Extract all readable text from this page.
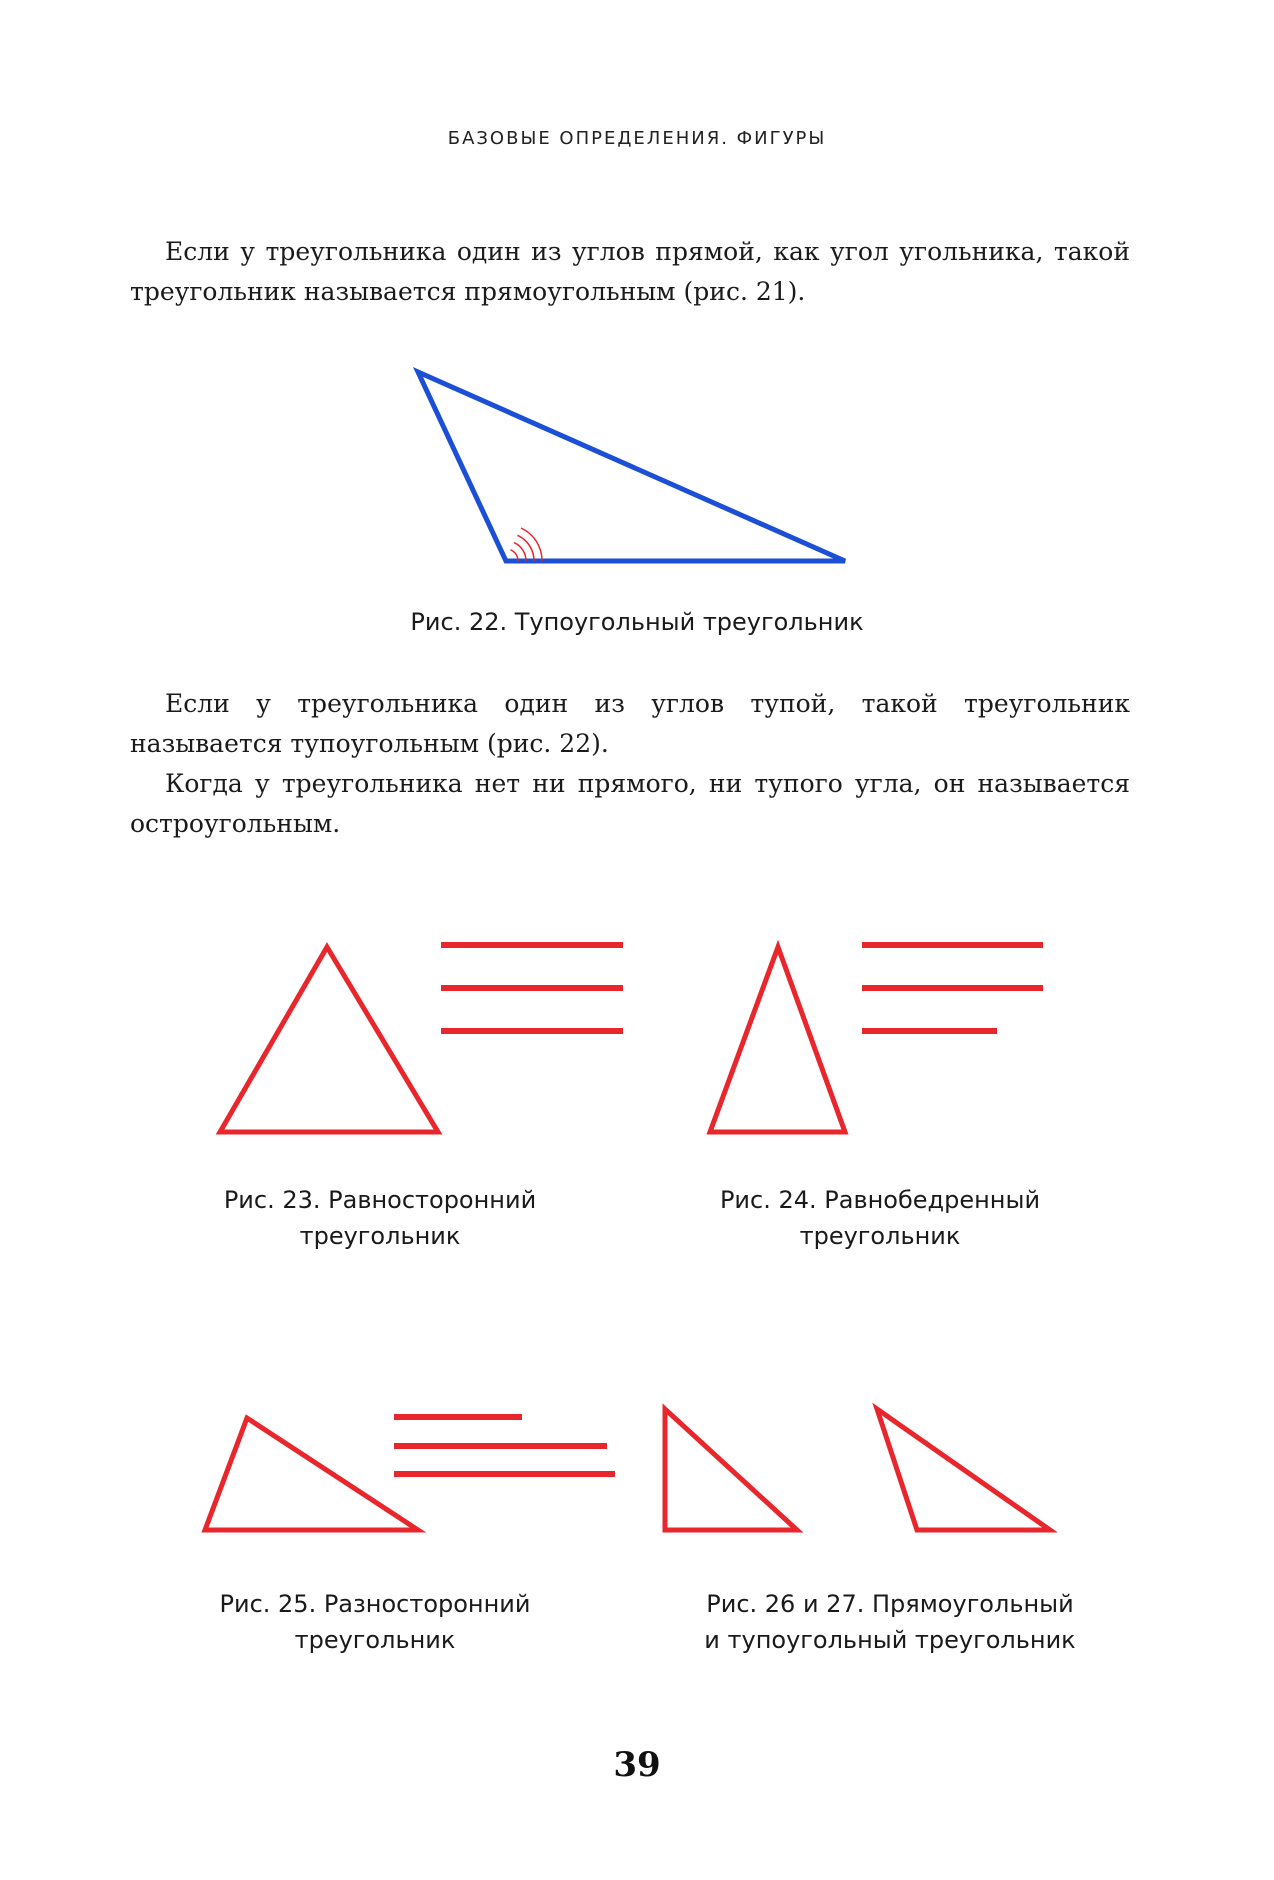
БАЗОВЫЕ ОПРЕДЕЛЕНИЯ. ФИГУРЫ

Если у треугольника один из углов прямой, как угол угольника, такой треугольник называется прямоугольным (рис. 21).

Рис. 22. Тупоугольный треугольник

Если у треугольника один из углов тупой, такой треугольник называется тупоугольным (рис. 22).

Когда у треугольника нет ни прямого, ни тупого угла, он называется остроугольным.

Рис. 23. Равносторонний
треугольник
Рис. 24. Равнобедренный
треугольник
Рис. 25. Разносторонний
треугольник
Рис. 26 и 27. Прямоугольный
и тупоугольный треугольник
39
